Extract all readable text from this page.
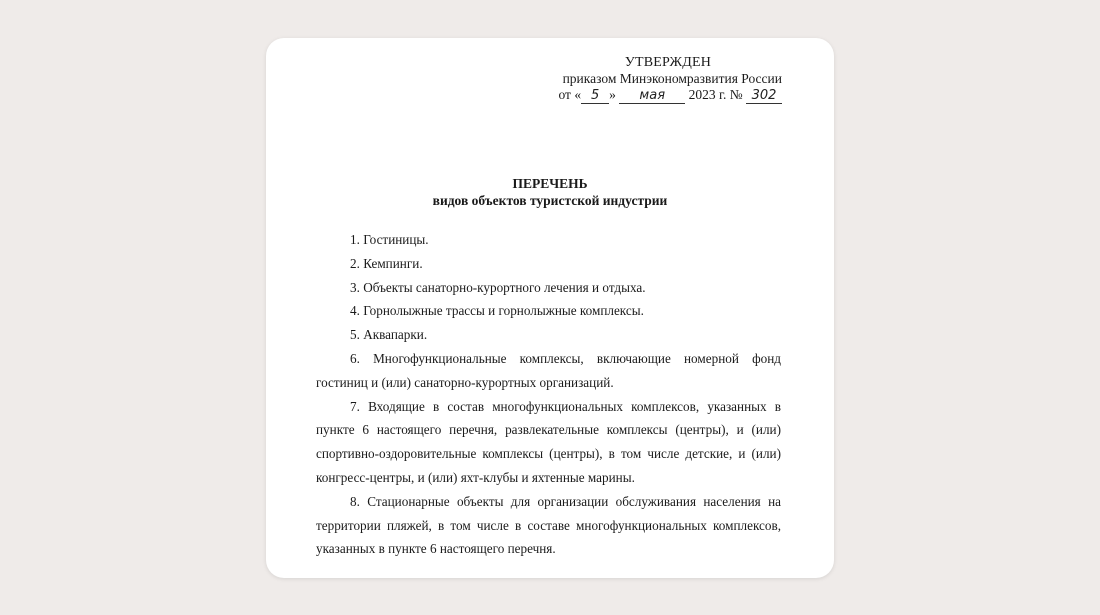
УТВЕРЖДЕН
приказом Минэкономразвития России
от « 5 » мая 2023 г. № 302
ПЕРЕЧЕНЬ
видов объектов туристской индустрии

1. Гостиницы.

2. Кемпинги.

3. Объекты санаторно-курортного лечения и отдыха.

4. Горнолыжные трассы и горнолыжные комплексы.

5. Аквапарки.

6. Многофункциональные комплексы, включающие номерной фонд гостиниц и (или) санаторно-курортных организаций.

7. Входящие в состав многофункциональных комплексов, указанных в пункте 6 настоящего перечня, развлекательные комплексы (центры), и (или) спортивно-оздоровительные комплексы (центры), в том числе детские, и (или) конгресс-центры, и (или) яхт-клубы и яхтенные марины.

8. Стационарные объекты для организации обслуживания населения на территории пляжей, в том числе в составе многофункциональных комплексов, указанных в пункте 6 настоящего перечня.
